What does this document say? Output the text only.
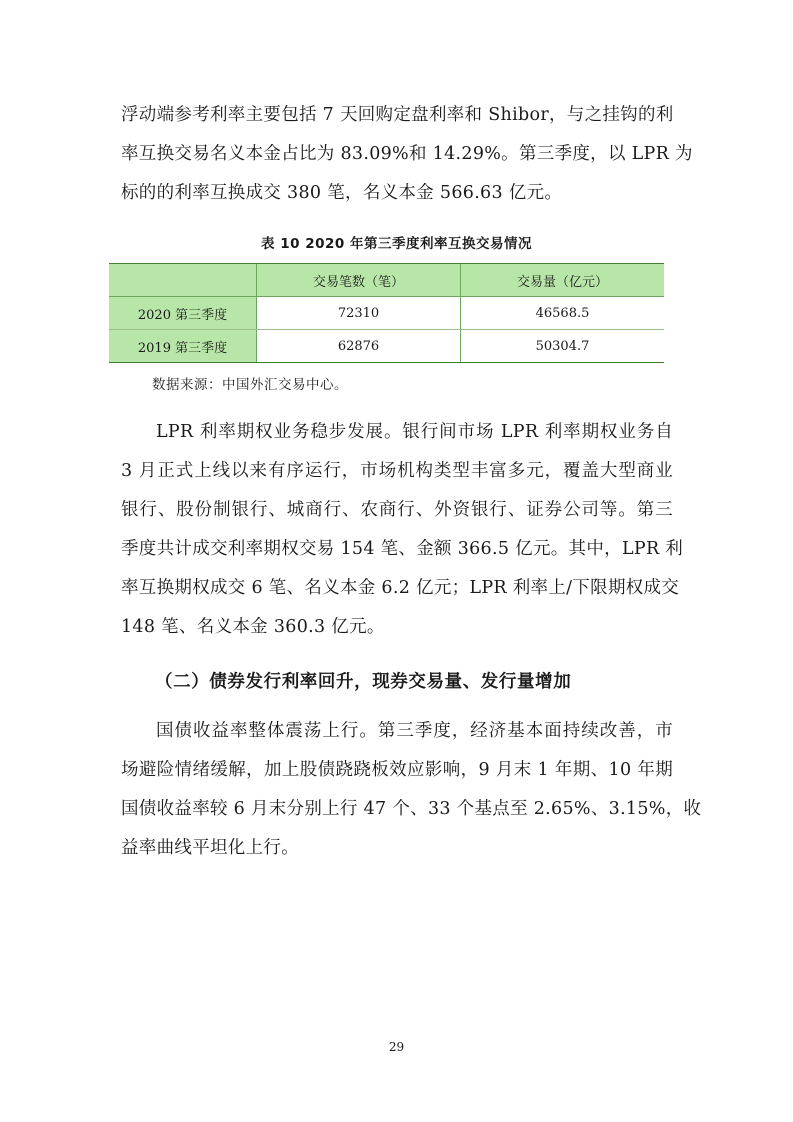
浮动端参考利率主要包括 7 天回购定盘利率和 Shibor，与之挂钩的利
率互换交易名义本金占比为 83.09%和 14.29%。第三季度，以 LPR 为
标的的利率互换成交 380 笔，名义本金 566.63 亿元。
表 10 2020 年第三季度利率互换交易情况
	交易笔数（笔）	交易量（亿元）
2020 第三季度	72310	46568.5
2019 第三季度	62876	50304.7
数据来源：中国外汇交易中心。
LPR 利率期权业务稳步发展。银行间市场 LPR 利率期权业务自
3 月正式上线以来有序运行，市场机构类型丰富多元，覆盖大型商业
银行、股份制银行、城商行、农商行、外资银行、证券公司等。第三
季度共计成交利率期权交易 154 笔、金额 366.5 亿元。其中，LPR 利
率互换期权成交 6 笔、名义本金 6.2 亿元；LPR 利率上/下限期权成交
148 笔、名义本金 360.3 亿元。
（二）债券发行利率回升，现券交易量、发行量增加
国债收益率整体震荡上行。第三季度，经济基本面持续改善，市
场避险情绪缓解，加上股债跷跷板效应影响，9 月末 1 年期、10 年期
国债收益率较 6 月末分别上行 47 个、33 个基点至 2.65%、3.15%，收
益率曲线平坦化上行。
29
